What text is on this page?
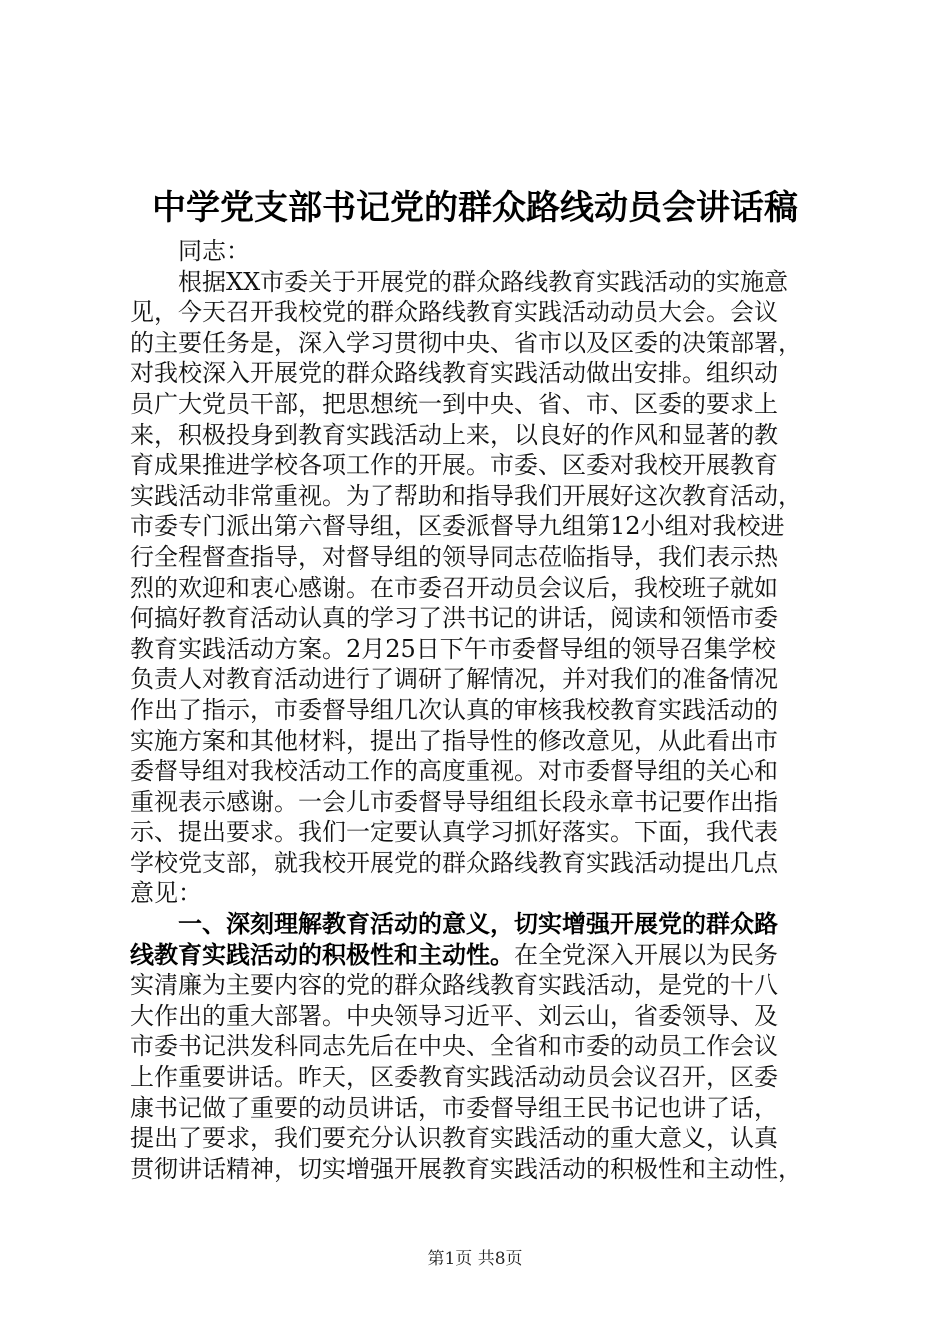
中学党支部书记党的群众路线动员会讲话稿
　　同志：
　　根据XX市委关于开展党的群众路线教育实践活动的实施意
见，今天召开我校党的群众路线教育实践活动动员大会。会议
的主要任务是，深入学习贯彻中央、省市以及区委的决策部署，
对我校深入开展党的群众路线教育实践活动做出安排。组织动
员广大党员干部，把思想统一到中央、省、市、区委的要求上
来，积极投身到教育实践活动上来，以良好的作风和显著的教
育成果推进学校各项工作的开展。市委、区委对我校开展教育
实践活动非常重视。为了帮助和指导我们开展好这次教育活动，
市委专门派出第六督导组，区委派督导九组第12小组对我校进
行全程督查指导，对督导组的领导同志莅临指导，我们表示热
烈的欢迎和衷心感谢。在市委召开动员会议后，我校班子就如
何搞好教育活动认真的学习了洪书记的讲话，阅读和领悟市委
教育实践活动方案。2月25日下午市委督导组的领导召集学校
负责人对教育活动进行了调研了解情况，并对我们的准备情况
作出了指示，市委督导组几次认真的审核我校教育实践活动的
实施方案和其他材料，提出了指导性的修改意见，从此看出市
委督导组对我校活动工作的高度重视。对市委督导组的关心和
重视表示感谢。一会儿市委督导导组组长段永章书记要作出指
示、提出要求。我们一定要认真学习抓好落实。下面，我代表
学校党支部，就我校开展党的群众路线教育实践活动提出几点
意见：
　　一、深刻理解教育活动的意义，切实增强开展党的群众路
线教育实践活动的积极性和主动性。在全党深入开展以为民务
实清廉为主要内容的党的群众路线教育实践活动，是党的十八
大作出的重大部署。中央领导习近平、刘云山，省委领导、及
市委书记洪发科同志先后在中央、全省和市委的动员工作会议
上作重要讲话。昨天，区委教育实践活动动员会议召开，区委
康书记做了重要的动员讲话，市委督导组王民书记也讲了话，
提出了要求，我们要充分认识教育实践活动的重大意义，认真
贯彻讲话精神，切实增强开展教育实践活动的积极性和主动性，
第1页 共8页
